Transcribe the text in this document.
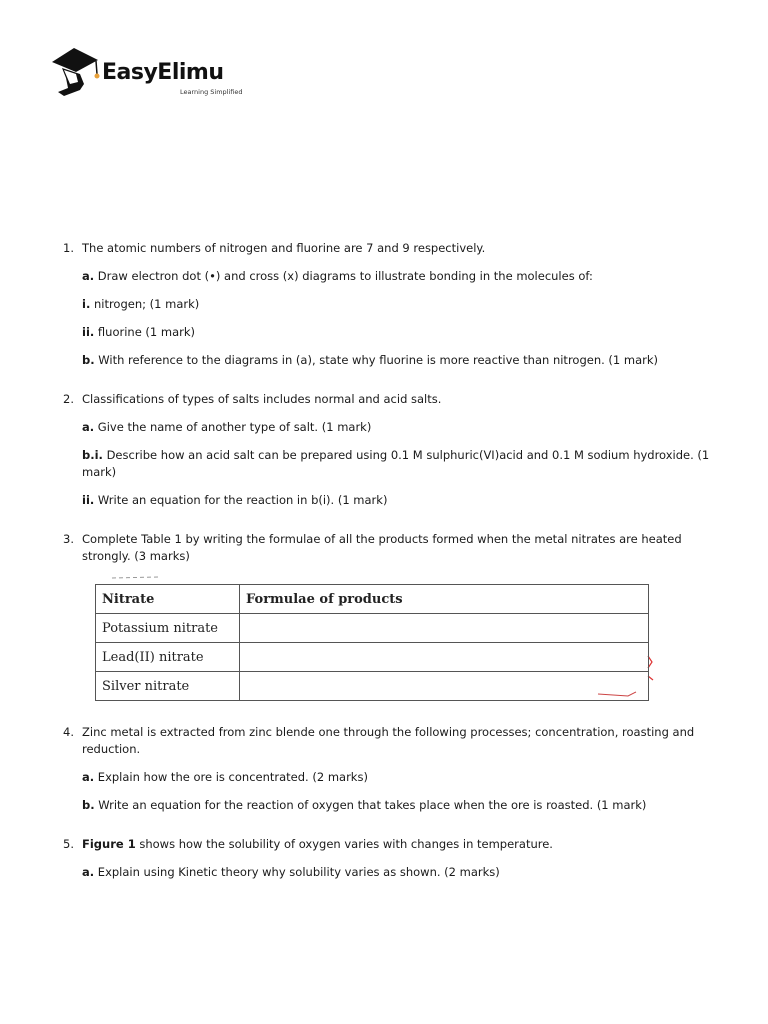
EasyElimu
Learning Simplified
1. The atomic numbers of nitrogen and fluorine are 7 and 9 respectively.
a. Draw electron dot (•) and cross (x) diagrams to illustrate bonding in the molecules of:
i. nitrogen; (1 mark)
ii. fluorine (1 mark)
b. With reference to the diagrams in (a), state why fluorine is more reactive than nitrogen. (1 mark)
2. Classifications of types of salts includes normal and acid salts.
a. Give the name of another type of salt. (1 mark)
b.i. Describe how an acid salt can be prepared using 0.1 M sulphuric(VI)acid and 0.1 M sodium hydroxide. (1 mark)
ii. Write an equation for the reaction in b(i). (1 mark)
3. Complete Table 1 by writing the formulae of all the products formed when the metal nitrates are heated strongly. (3 marks)
Nitrate	Formulae of products
Potassium nitrate	
Lead(II) nitrate	
Silver nitrate	
4. Zinc metal is extracted from zinc blende one through the following processes; concentration, roasting and reduction.
a. Explain how the ore is concentrated. (2 marks)
b. Write an equation for the reaction of oxygen that takes place when the ore is roasted. (1 mark)
5. Figure 1 shows how the solubility of oxygen varies with changes in temperature.
a. Explain using Kinetic theory why solubility varies as shown. (2 marks)
